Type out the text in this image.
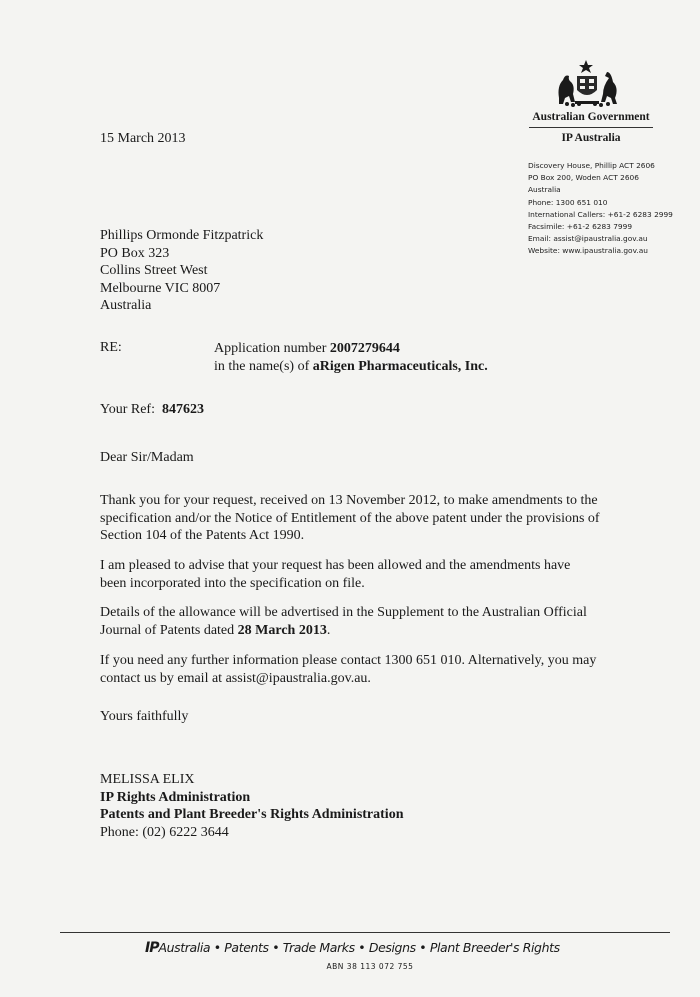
Australian Government
IP Australia
Discovery House, Phillip ACT 2606
PO Box 200, Woden ACT 2606
Australia
Phone: 1300 651 010
International Callers: +61-2 6283 2999
Facsimile: +61-2 6283 7999
Email: assist@ipaustralia.gov.au
Website: www.ipaustralia.gov.au
15 March 2013
Phillips Ormonde Fitzpatrick
PO Box 323
Collins Street West
Melbourne VIC 8007
Australia
RE:	Application number 2007279644
in the name(s) of aRigen Pharmaceuticals, Inc.
Your Ref: 847623
Dear Sir/Madam
Thank you for your request, received on 13 November 2012, to make amendments to the specification and/or the Notice of Entitlement of the above patent under the provisions of Section 104 of the Patents Act 1990.
I am pleased to advise that your request has been allowed and the amendments have been incorporated into the specification on file.
Details of the allowance will be advertised in the Supplement to the Australian Official Journal of Patents dated 28 March 2013.
If you need any further information please contact 1300 651 010. Alternatively, you may contact us by email at assist@ipaustralia.gov.au.
Yours faithfully
MELISSA ELIX
IP Rights Administration
Patents and Plant Breeder's Rights Administration
Phone: (02) 6222 3644
IPAustralia • Patents • Trade Marks • Designs • Plant Breeder's Rights
ABN 38 113 072 755
